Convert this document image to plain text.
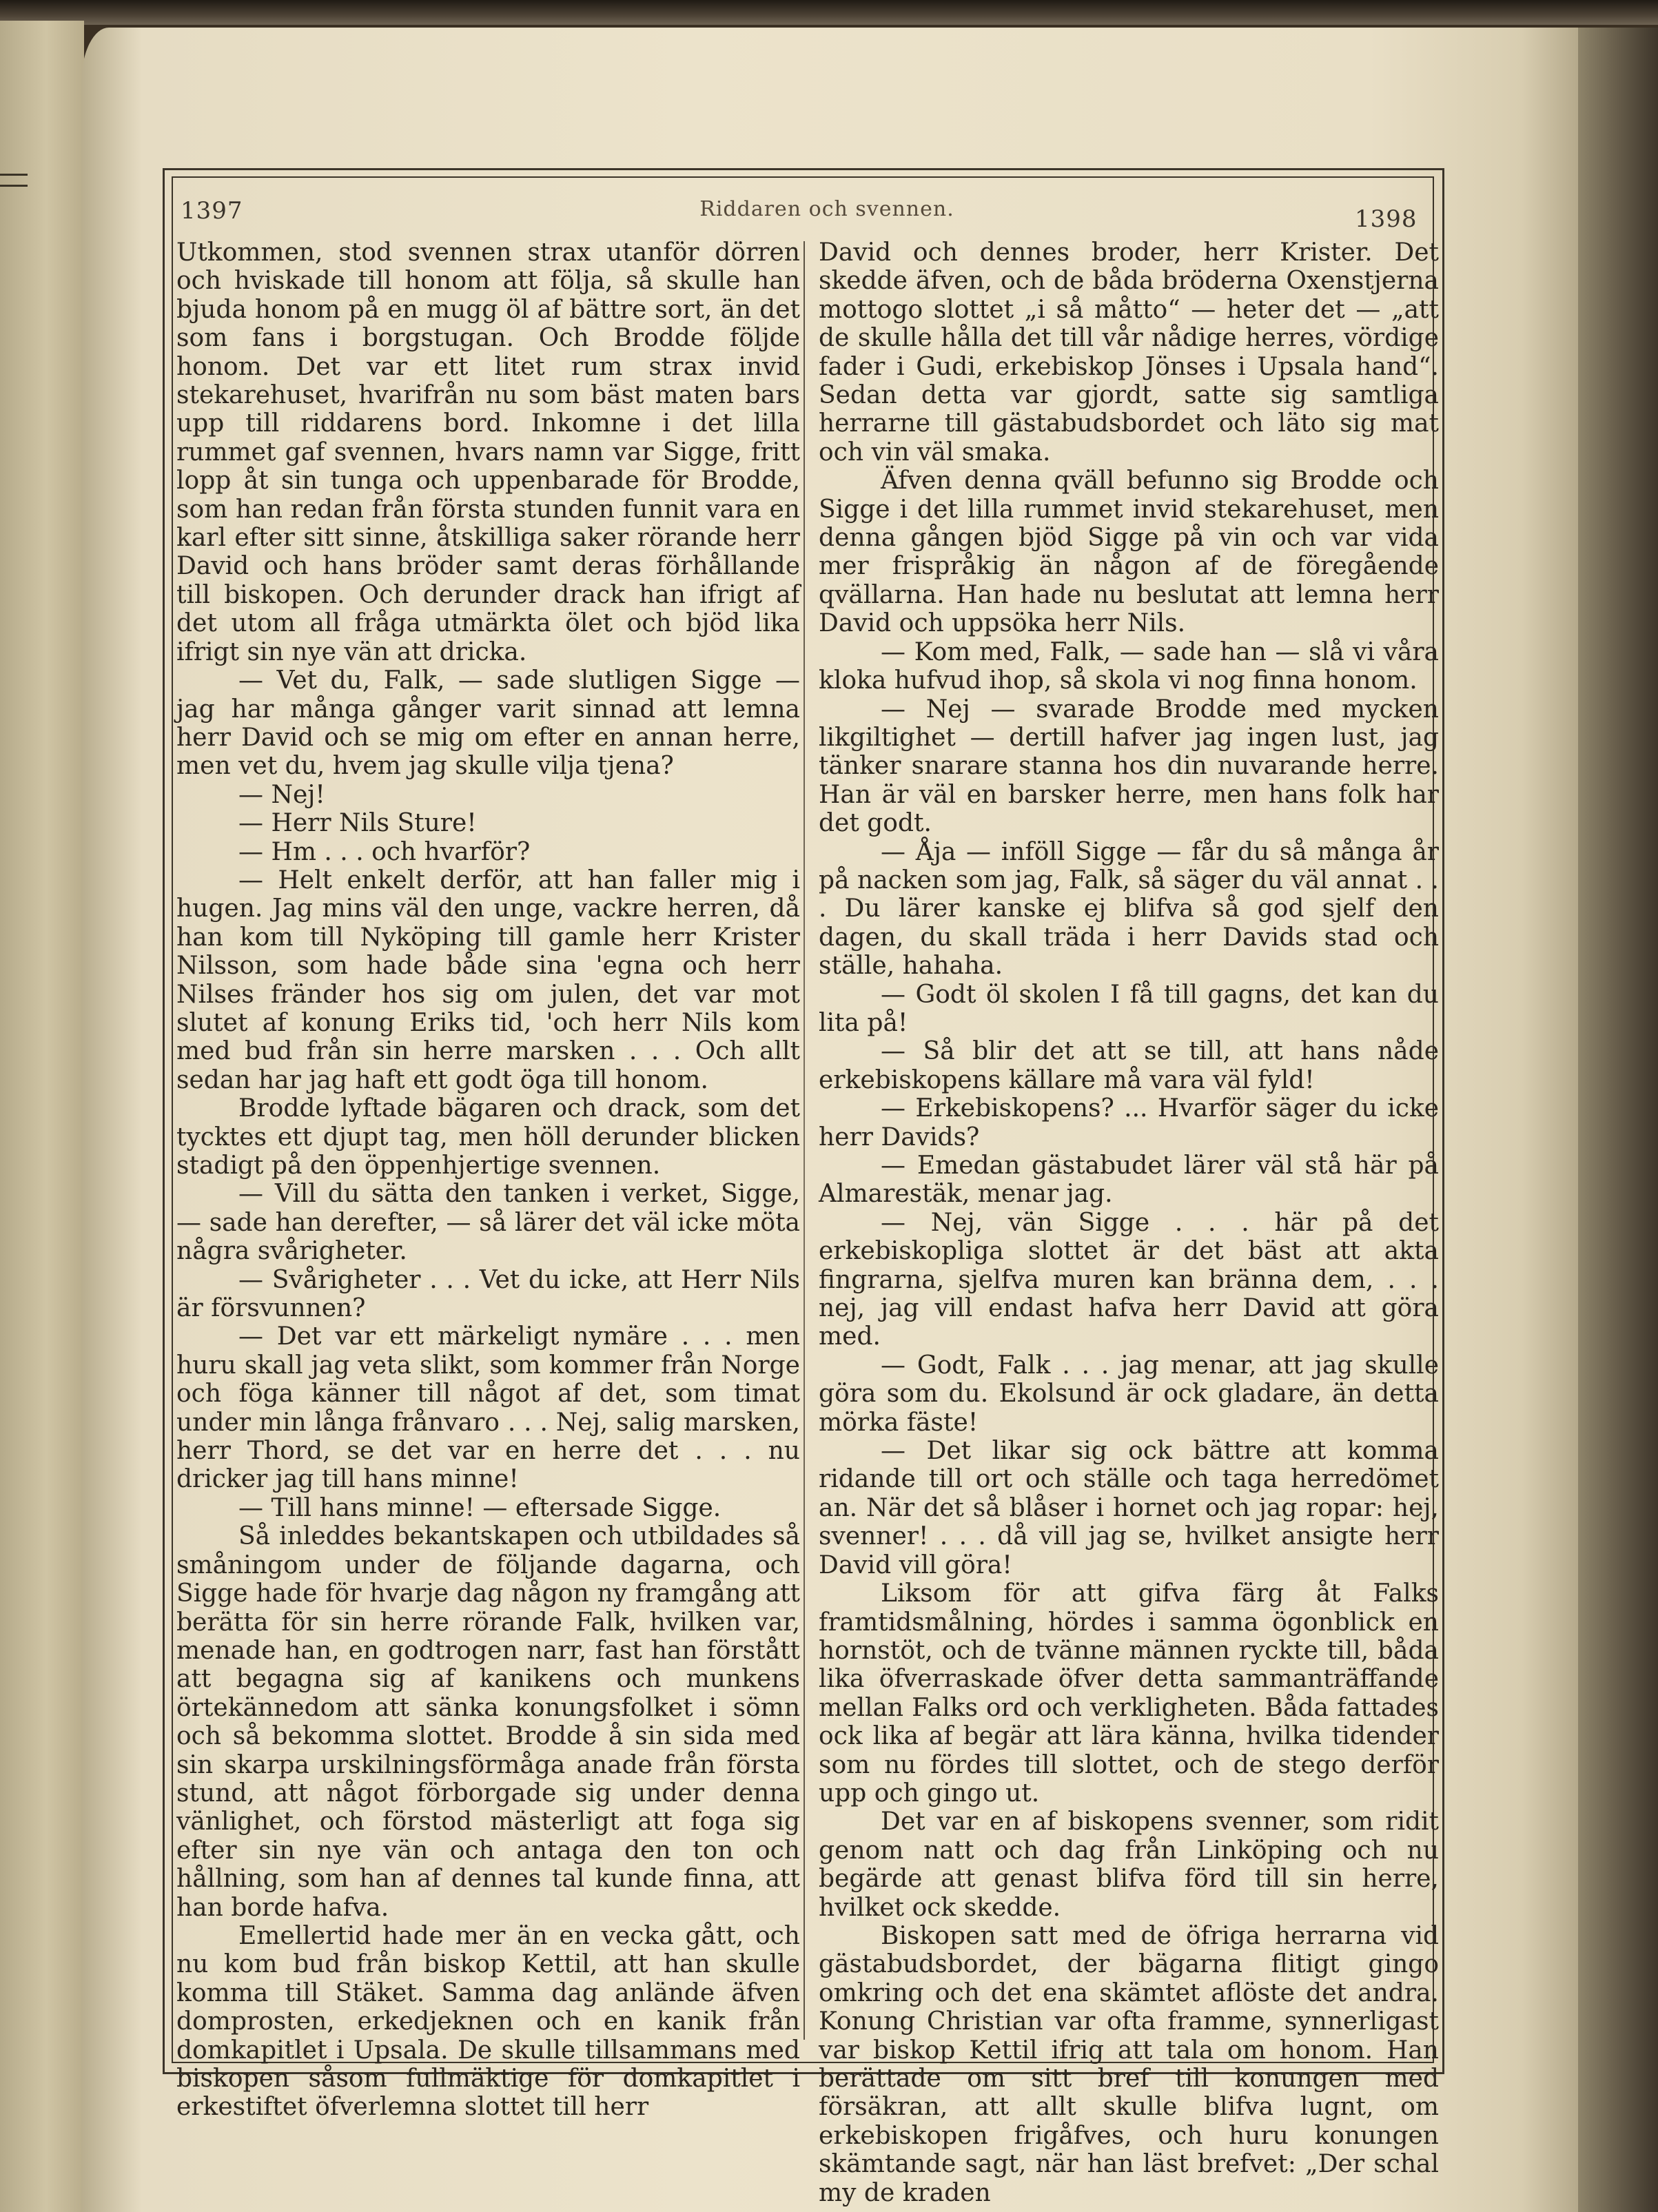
1397	Riddaren och svennen.	1398

Utkommen, stod svennen strax utanför dörren och hviskade till honom att följa, så skulle han bjuda honom på en mugg öl af bättre sort, än det som fans i borgstugan. Och Brodde följde honom. Det var ett litet rum strax invid stekarehuset, hvarifrån nu som bäst maten bars upp till riddarens bord. Inkomne i det lilla rummet gaf svennen, hvars namn var Sigge, fritt lopp åt sin tunga och uppenbarade för Brodde, som han redan från första stunden funnit vara en karl efter sitt sinne, åtskilliga saker rörande herr David och hans bröder samt deras förhållande till biskopen. Och derunder drack han ifrigt af det utom all fråga utmärkta ölet och bjöd lika ifrigt sin nye vän att dricka.

— Vet du, Falk, — sade slutligen Sigge — jag har många gånger varit sinnad att lemna herr David och se mig om efter en annan herre, men vet du, hvem jag skulle vilja tjena?

— Nej!

— Herr Nils Sture!

— Hm . . . och hvarför?

— Helt enkelt derför, att han faller mig i hugen. Jag mins väl den unge, vackre herren, då han kom till Nyköping till gamle herr Krister Nilsson, som hade både sina 'egna och herr Nilses fränder hos sig om julen, det var mot slutet af konung Eriks tid, 'och herr Nils kom med bud från sin herre marsken . . . Och allt sedan har jag haft ett godt öga till honom.

Brodde lyftade bägaren och drack, som det tycktes ett djupt tag, men höll derunder blicken stadigt på den öppenhjertige svennen.

— Vill du sätta den tanken i verket, Sigge, — sade han derefter, — så lärer det väl icke möta några svårigheter.

— Svårigheter . . . Vet du icke, att Herr Nils är försvunnen?

— Det var ett märkeligt nymäre . . . men huru skall jag veta slikt, som kommer från Norge och föga känner till något af det, som timat under min långa frånvaro . . . Nej, salig marsken, herr Thord, se det var en herre det . . . nu dricker jag till hans minne!

— Till hans minne! — eftersade Sigge.

Så inleddes bekantskapen och utbildades så småningom under de följande dagarna, och Sigge hade för hvarje dag någon ny framgång att berätta för sin herre rörande Falk, hvilken var, menade han, en godtrogen narr, fast han förstått att begagna sig af kanikens och munkens örtekännedom att sänka konungsfolket i sömn och så bekomma slottet. Brodde å sin sida med sin skarpa urskilningsförmåga anade från första stund, att något förborgade sig under denna vänlighet, och förstod mästerligt att foga sig efter sin nye vän och antaga den ton och hållning, som han af dennes tal kunde finna, att han borde hafva.

Emellertid hade mer än en vecka gått, och nu kom bud från biskop Kettil, att han skulle komma till Stäket. Samma dag anlände äfven domprosten, erkedjeknen och en kanik från domkapitlet i Upsala. De skulle tillsammans med biskopen såsom fullmäktige för domkapitlet i erkestiftet öfverlemna slottet till herr

David och dennes broder, herr Krister. Det skedde äfven, och de båda bröderna Oxenstjerna mottogo slottet „i så måtto“ — heter det — „att de skulle hålla det till vår nådige herres, vördige fader i Gudi, erkebiskop Jönses i Upsala hand“. Sedan detta var gjordt, satte sig samtliga herrarne till gästabudsbordet och läto sig mat och vin väl smaka.

Äfven denna qväll befunno sig Brodde och Sigge i det lilla rummet invid stekarehuset, men denna gången bjöd Sigge på vin och var vida mer frispråkig än någon af de föregående qvällarna. Han hade nu beslutat att lemna herr David och uppsöka herr Nils.

— Kom med, Falk, — sade han — slå vi våra kloka hufvud ihop, så skola vi nog finna honom.

— Nej — svarade Brodde med mycken likgiltighet — dertill hafver jag ingen lust, jag tänker snarare stanna hos din nuvarande herre. Han är väl en barsker herre, men hans folk har det godt.

— Åja — inföll Sigge — får du så många år på nacken som jag, Falk, så säger du väl annat . . . Du lärer kanske ej blifva så god sjelf den dagen, du skall träda i herr Davids stad och ställe, hahaha.

— Godt öl skolen I få till gagns, det kan du lita på!

— Så blir det att se till, att hans nåde erkebiskopens källare må vara väl fyld!

— Erkebiskopens? ... Hvarför säger du icke herr Davids?

— Emedan gästabudet lärer väl stå här på Almarestäk, menar jag.

— Nej, vän Sigge . . . här på det erkebiskopliga slottet är det bäst att akta fingrarna, sjelfva muren kan bränna dem, . . . nej, jag vill endast hafva herr David att göra med.

— Godt, Falk . . . jag menar, att jag skulle göra som du. Ekolsund är ock gladare, än detta mörka fäste!

— Det likar sig ock bättre att komma ridande till ort och ställe och taga herredömet an. När det så blåser i hornet och jag ropar: hej, svenner! . . . då vill jag se, hvilket ansigte herr David vill göra!

Liksom för att gifva färg åt Falks framtidsmålning, hördes i samma ögonblick en hornstöt, och de tvänne männen ryckte till, båda lika öfverraskade öfver detta sammanträffande mellan Falks ord och verkligheten. Båda fattades ock lika af begär att lära känna, hvilka tidender som nu fördes till slottet, och de stego derför upp och gingo ut.

Det var en af biskopens svenner, som ridit genom natt och dag från Linköping och nu begärde att genast blifva förd till sin herre, hvilket ock skedde.

Biskopen satt med de öfriga herrarna vid gästabudsbordet, der bägarna flitigt gingo omkring och det ena skämtet aflöste det andra. Konung Christian var ofta framme, synnerligast var biskop Kettil ifrig att tala om honom. Han berättade om sitt bref till konungen med försäkran, att allt skulle blifva lugnt, om erkebiskopen frigåfves, och huru konungen skämtande sagt, när han läst brefvet: „Der schal my de kraden
